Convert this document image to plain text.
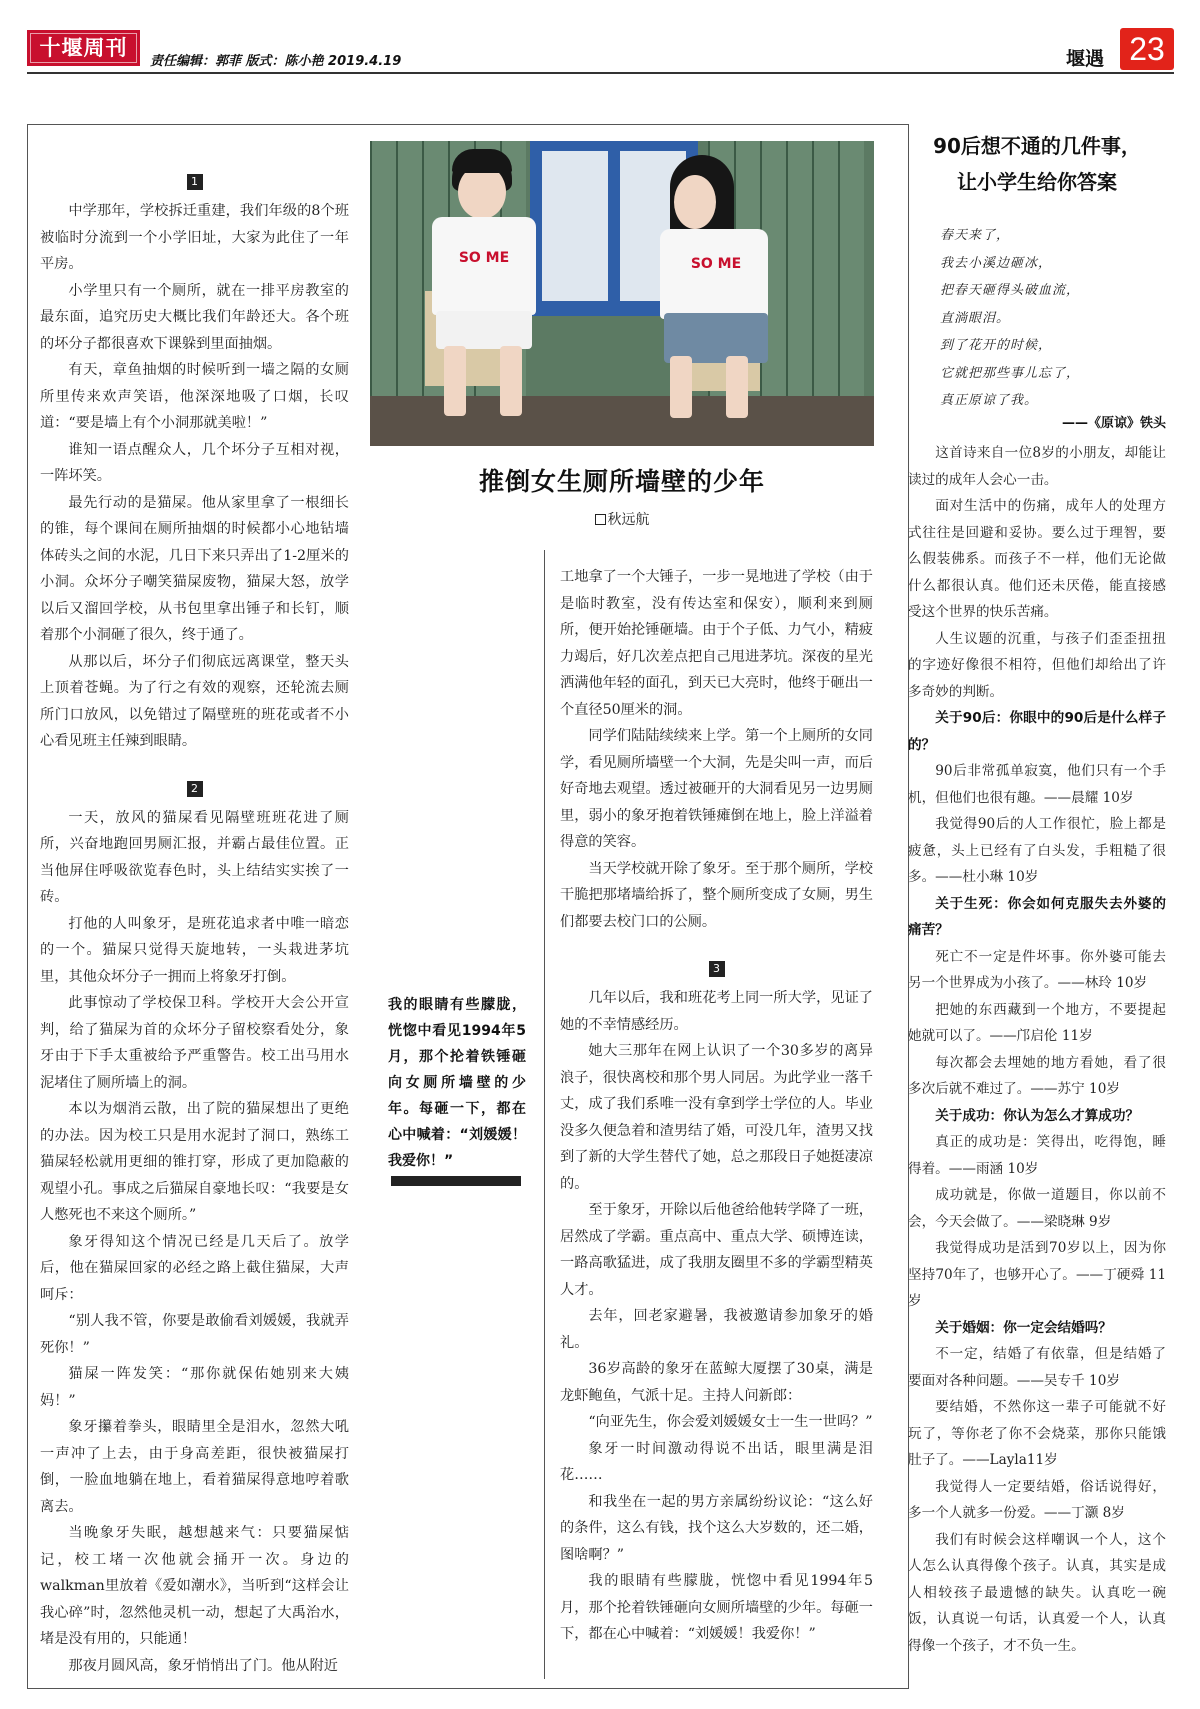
十堰周刊
责任编辑：郭菲 版式：陈小艳 2019.4.19	堰遇 23
1

中学那年，学校拆迁重建，我们年级的8个班被临时分流到一个小学旧址，大家为此住了一年平房。

小学里只有一个厕所，就在一排平房教室的最东面，追究历史大概比我们年龄还大。各个班的坏分子都很喜欢下课躲到里面抽烟。

有天，章鱼抽烟的时候听到一墙之隔的女厕所里传来欢声笑语，他深深地吸了口烟，长叹道：“要是墙上有个小洞那就美啦！”

谁知一语点醒众人，几个坏分子互相对视，一阵坏笑。

最先行动的是猫屎。他从家里拿了一根细长的锥，每个课间在厕所抽烟的时候都小心地钻墙体砖头之间的水泥，几日下来只弄出了1-2厘米的小洞。众坏分子嘲笑猫屎废物，猫屎大怒，放学以后又溜回学校，从书包里拿出锤子和长钉，顺着那个小洞砸了很久，终于通了。

从那以后，坏分子们彻底远离课堂，整天头上顶着苍蝇。为了行之有效的观察，还轮流去厕所门口放风，以免错过了隔壁班的班花或者不小心看见班主任辣到眼睛。

2

一天，放风的猫屎看见隔壁班班花进了厕所，兴奋地跑回男厕汇报，并霸占最佳位置。正当他屏住呼吸欲览春色时，头上结结实实挨了一砖。

打他的人叫象牙，是班花追求者中唯一暗恋的一个。猫屎只觉得天旋地转，一头栽进茅坑里，其他众坏分子一拥而上将象牙打倒。

此事惊动了学校保卫科。学校开大会公开宣判，给了猫屎为首的众坏分子留校察看处分，象牙由于下手太重被给予严重警告。校工出马用水泥堵住了厕所墙上的洞。

本以为烟消云散，出了院的猫屎想出了更绝的办法。因为校工只是用水泥封了洞口，熟练工猫屎轻松就用更细的锥打穿，形成了更加隐蔽的观望小孔。事成之后猫屎自豪地长叹：“我要是女人憋死也不来这个厕所。”

象牙得知这个情况已经是几天后了。放学后，他在猫屎回家的必经之路上截住猫屎，大声呵斥：

“别人我不管，你要是敢偷看刘媛媛，我就弄死你！”

猫屎一阵发笑：“那你就保佑她别来大姨妈！”

象牙攥着拳头，眼睛里全是泪水，忽然大吼一声冲了上去，由于身高差距，很快被猫屎打倒，一脸血地躺在地上，看着猫屎得意地哼着歌离去。

当晚象牙失眠，越想越来气：只要猫屎惦记，校工堵一次他就会捅开一次。身边的walkman里放着《爱如潮水》，当听到“这样会让我心碎”时，忽然他灵机一动，想起了大禹治水，堵是没有用的，只能通！

那夜月圆风高，象牙悄悄出了门。他从附近

SO ME	SO ME
推倒女生厕所墙壁的少年
秋远航
我的眼睛有些朦胧，恍惚中看见1994年5月，那个抡着铁锤砸向女厕所墙壁的少年。每砸一下，都在心中喊着：“刘媛媛！我爱你！”

工地拿了一个大锤子，一步一晃地进了学校（由于是临时教室，没有传达室和保安），顺利来到厕所，便开始抡锤砸墙。由于个子低、力气小，精疲力竭后，好几次差点把自己甩进茅坑。深夜的星光洒满他年轻的面孔，到天已大亮时，他终于砸出一个直径50厘米的洞。

同学们陆陆续续来上学。第一个上厕所的女同学，看见厕所墙壁一个大洞，先是尖叫一声，而后好奇地去观望。透过被砸开的大洞看见另一边男厕里，弱小的象牙抱着铁锤瘫倒在地上，脸上洋溢着得意的笑容。

当天学校就开除了象牙。至于那个厕所，学校干脆把那堵墙给拆了，整个厕所变成了女厕，男生们都要去校门口的公厕。

3

几年以后，我和班花考上同一所大学，见证了她的不幸情感经历。

她大三那年在网上认识了一个30多岁的离异浪子，很快离校和那个男人同居。为此学业一落千丈，成了我们系唯一没有拿到学士学位的人。毕业没多久便急着和渣男结了婚，可没几年，渣男又找到了新的大学生替代了她，总之那段日子她挺凄凉的。

至于象牙，开除以后他爸给他转学降了一班，居然成了学霸。重点高中、重点大学、硕博连读，一路高歌猛进，成了我朋友圈里不多的学霸型精英人才。

去年，回老家避暑，我被邀请参加象牙的婚礼。

36岁高龄的象牙在蓝鲸大厦摆了30桌，满是龙虾鲍鱼，气派十足。主持人问新郎：

“向亚先生，你会爱刘媛媛女士一生一世吗？”

象牙一时间激动得说不出话，眼里满是泪花……

和我坐在一起的男方亲属纷纷议论：“这么好的条件，这么有钱，找个这么大岁数的，还二婚，图啥啊？”

我的眼睛有些朦胧，恍惚中看见1994年5月，那个抡着铁锤砸向女厕所墙壁的少年。每砸一下，都在心中喊着：“刘媛媛！我爱你！”

90后想不通的几件事，
让小学生给你答案
春天来了，
我去小溪边砸冰，
把春天砸得头破血流，
直淌眼泪。
到了花开的时候，
它就把那些事儿忘了，
真正原谅了我。
——《原谅》铁头

这首诗来自一位8岁的小朋友，却能让读过的成年人会心一击。

面对生活中的伤痛，成年人的处理方式往往是回避和妥协。要么过于理智，要么假装佛系。而孩子不一样，他们无论做什么都很认真。他们还未厌倦，能直接感受这个世界的快乐苦痛。

人生议题的沉重，与孩子们歪歪扭扭的字迹好像很不相符，但他们却给出了许多奇妙的判断。

关于90后：你眼中的90后是什么样子的？

90后非常孤单寂寞，他们只有一个手机，但他们也很有趣。——晨耀 10岁

我觉得90后的人工作很忙，脸上都是疲惫，头上已经有了白头发，手粗糙了很多。——杜小琳 10岁

关于生死：你会如何克服失去外婆的痛苦？

死亡不一定是件坏事。你外婆可能去另一个世界成为小孩了。——林玲 10岁

把她的东西藏到一个地方，不要提起她就可以了。——邝启伦 11岁

每次都会去埋她的地方看她，看了很多次后就不难过了。——苏宁 10岁

关于成功：你认为怎么才算成功？

真正的成功是：笑得出，吃得饱，睡得着。——雨涵 10岁

成功就是，你做一道题目，你以前不会，今天会做了。——梁晓琳 9岁

我觉得成功是活到70岁以上，因为你坚持70年了，也够开心了。——丁硬舜 11岁

关于婚姻：你一定会结婚吗？

不一定，结婚了有依靠，但是结婚了要面对各种问题。——吴专千 10岁

要结婚，不然你这一辈子可能就不好玩了，等你老了你不会烧菜，那你只能饿肚子了。——Layla11岁

我觉得人一定要结婚，俗话说得好，多一个人就多一份爱。——丁灏 8岁

我们有时候会这样嘲讽一个人，这个人怎么认真得像个孩子。认真，其实是成人相较孩子最遗憾的缺失。认真吃一碗饭，认真说一句话，认真爱一个人，认真得像一个孩子，才不负一生。
